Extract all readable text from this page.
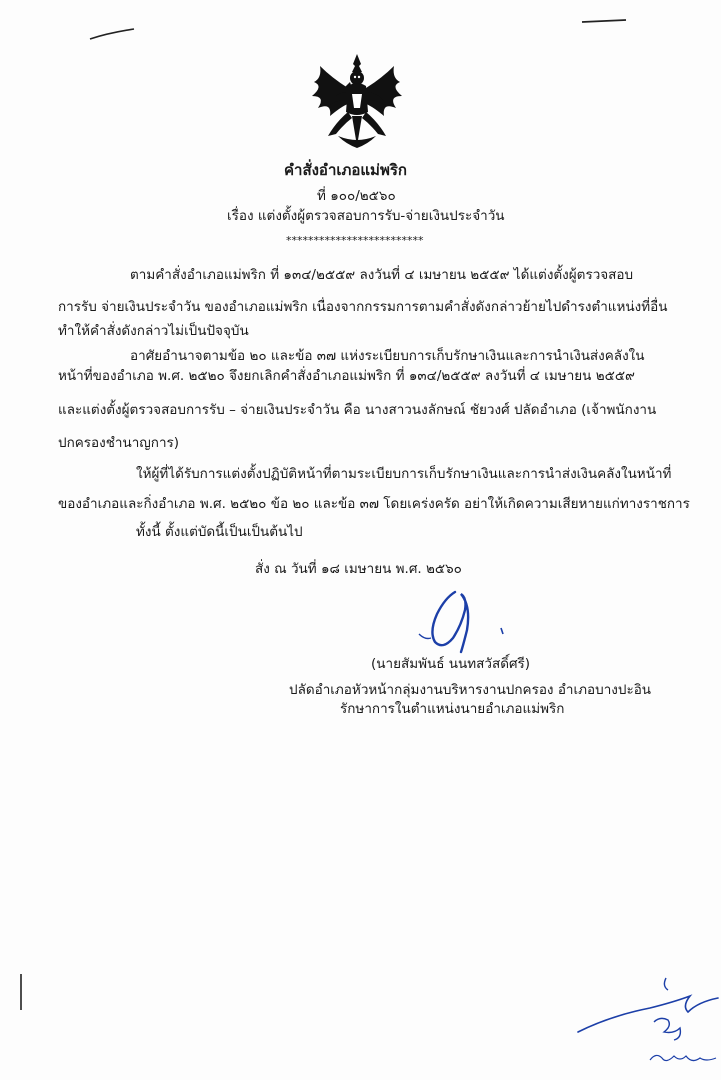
คำสั่งอำเภอแม่พริก
ที่ ๑๐๐/๒๕๖๐
เรื่อง แต่งตั้งผู้ตรวจสอบการรับ-จ่ายเงินประจำวัน
*************************
ตามคำสั่งอำเภอแม่พริก ที่ ๑๓๔/๒๕๕๙ ลงวันที่ ๔ เมษายน ๒๕๕๙ ได้แต่งตั้งผู้ตรวจสอบ
การรับ จ่ายเงินประจำวัน ของอำเภอแม่พริก เนื่องจากกรรมการตามคำสั่งดังกล่าวย้ายไปดำรงตำแหน่งที่อื่น
ทำให้คำสั่งดังกล่าวไม่เป็นปัจจุบัน
อาศัยอำนาจตามข้อ ๒๐ และข้อ ๓๗ แห่งระเบียบการเก็บรักษาเงินและการนำเงินส่งคลังใน
หน้าที่ของอำเภอ พ.ศ. ๒๕๒๐ จึงยกเลิกคำสั่งอำเภอแม่พริก ที่ ๑๓๔/๒๕๕๙ ลงวันที่ ๔ เมษายน ๒๕๕๙
และแต่งตั้งผู้ตรวจสอบการรับ – จ่ายเงินประจำวัน คือ นางสาวนงลักษณ์ ชัยวงศ์ ปลัดอำเภอ (เจ้าพนักงาน
ปกครองชำนาญการ)
ให้ผู้ที่ได้รับการแต่งตั้งปฏิบัติหน้าที่ตามระเบียบการเก็บรักษาเงินและการนำส่งเงินคลังในหน้าที่
ของอำเภอและกิ่งอำเภอ พ.ศ. ๒๕๒๐ ข้อ ๒๐ และข้อ ๓๗ โดยเคร่งครัด อย่าให้เกิดความเสียหายแก่ทางราชการ
ทั้งนี้ ตั้งแต่บัดนี้เป็นเป็นต้นไป
สั่ง ณ วันที่ ๑๘ เมษายน พ.ศ. ๒๕๖๐
(นายสัมพันธ์ นนทสวัสดิ์ศรี)
ปลัดอำเภอหัวหน้ากลุ่มงานบริหารงานปกครอง อำเภอบางปะอิน
รักษาการในตำแหน่งนายอำเภอแม่พริก
